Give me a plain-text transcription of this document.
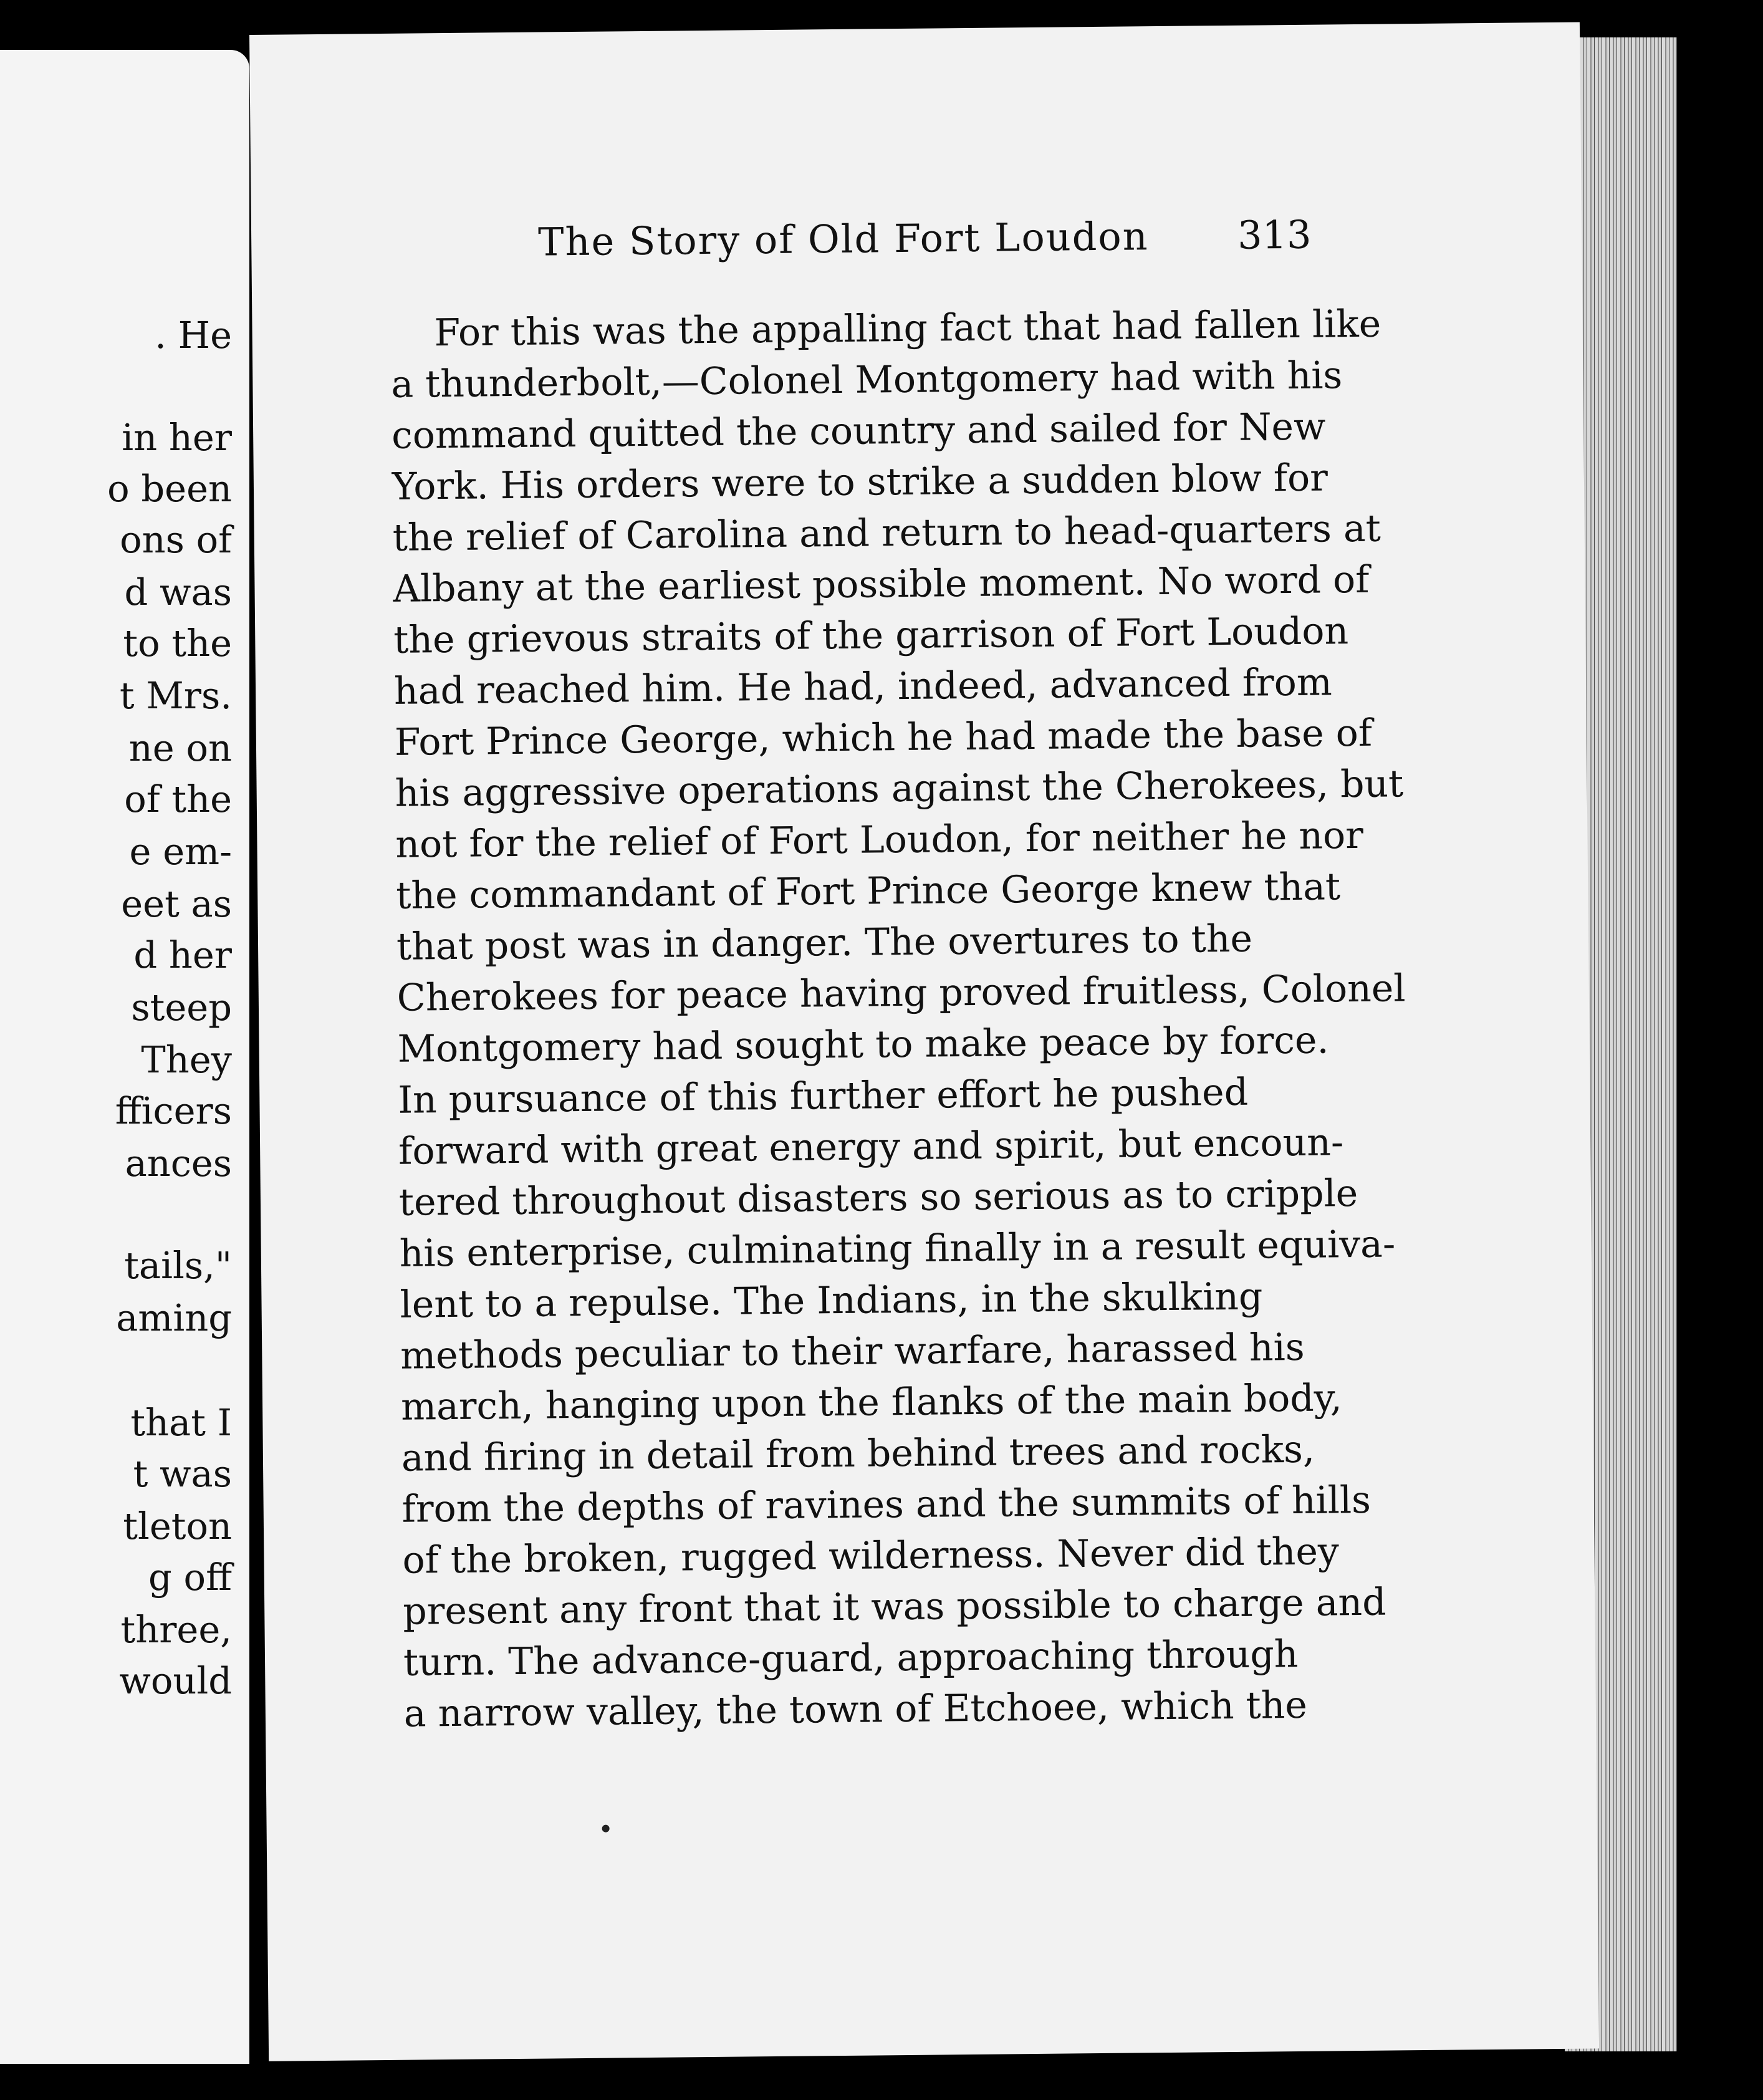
. He
in her
o been
ons of
d was
to the
t Mrs.
ne on
of the
e em-
eet as
d her
steep
They
fficers
ances
tails,"
aming
that I
t was
tleton
g off
three,
would
The Story of Old Fort Loudon 313
For this was the appalling fact that had fallen like
a thunderbolt,—Colonel Montgomery had with his
command quitted the country and sailed for New
York. His orders were to strike a sudden blow for
the relief of Carolina and return to head-quarters at
Albany at the earliest possible moment. No word of
the grievous straits of the garrison of Fort Loudon
had reached him. He had, indeed, advanced from
Fort Prince George, which he had made the base of
his aggressive operations against the Cherokees, but
not for the relief of Fort Loudon, for neither he nor
the commandant of Fort Prince George knew that
that post was in danger. The overtures to the
Cherokees for peace having proved fruitless, Colonel
Montgomery had sought to make peace by force.
In pursuance of this further effort he pushed
forward with great energy and spirit, but encoun-
tered throughout disasters so serious as to cripple
his enterprise, culminating finally in a result equiva-
lent to a repulse. The Indians, in the skulking
methods peculiar to their warfare, harassed his
march, hanging upon the flanks of the main body,
and firing in detail from behind trees and rocks,
from the depths of ravines and the summits of hills
of the broken, rugged wilderness. Never did they
present any front that it was possible to charge and
turn. The advance-guard, approaching through
a narrow valley, the town of Etchoee, which the
